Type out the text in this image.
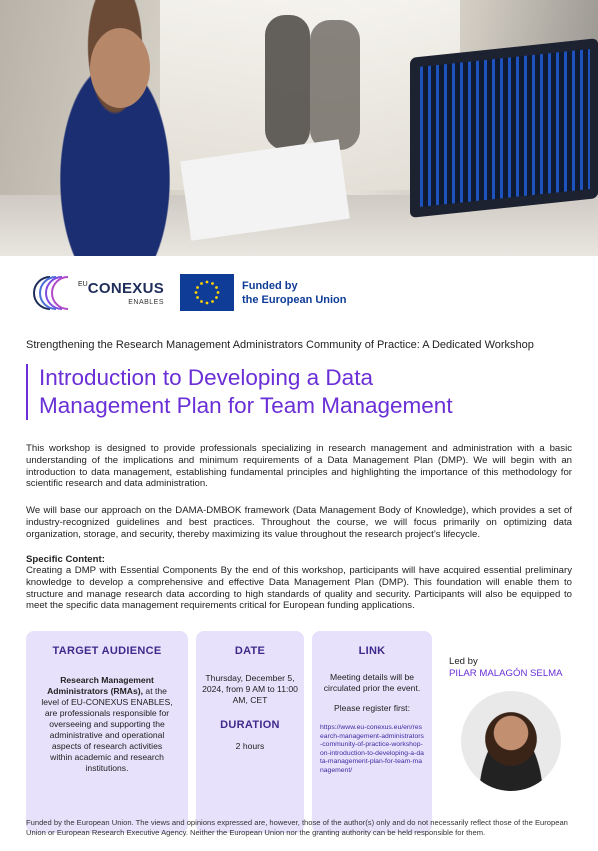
$^{EU}$CONEXUS
ENABLES
Funded by
the European Union
Strengthening the Research Management Administrators Community of Practice: A Dedicated Workshop
Introduction to Developing a Data
Management Plan for Team Management
This workshop is designed to provide professionals specializing in research management and administration with a basic understanding of the implications and minimum requirements of a Data Management Plan (DMP). We will begin with an introduction to data management, establishing fundamental principles and highlighting the importance of this methodology for scientific research and data administration.
We will base our approach on the DAMA-DMBOK framework (Data Management Body of Knowledge), which provides a set of industry-recognized guidelines and best practices. Throughout the course, we will focus primarily on optimizing data organization, storage, and security, thereby maximizing its value throughout the research project’s lifecycle.
Specific Content:
Creating a DMP with Essential Components By the end of this workshop, participants will have acquired essential preliminary knowledge to develop a comprehensive and effective Data Management Plan (DMP). This foundation will enable them to structure and manage research data according to high standards of quality and security. Participants will also be equipped to meet the specific data management requirements critical for European funding applications.
TARGET AUDIENCE
Research Management Administrators (RMAs), at the level of EU-CONEXUS ENABLES, are professionals responsible for overseeing and supporting the administrative and operational aspects of research activities within academic and research institutions.
DATE
Thursday, December 5, 2024, from 9 AM to 11:00 AM, CET
DURATION
2 hours
LINK
Meeting details will be circulated prior the event.
Please register first:
https://www.eu-conexus.eu/en/research-management-administrators-community-of-practice-workshop-on-introduction-to-developing-a-data-management-plan-for-team-management/
Led by
PILAR MALAGÓN SELMA
Funded by the European Union. The views and opinions expressed are, however, those of the author(s) only and do not necessarily reflect those of the European Union or European Research Executive Agency. Neither the European Union nor the granting authority can be held responsible for them.
